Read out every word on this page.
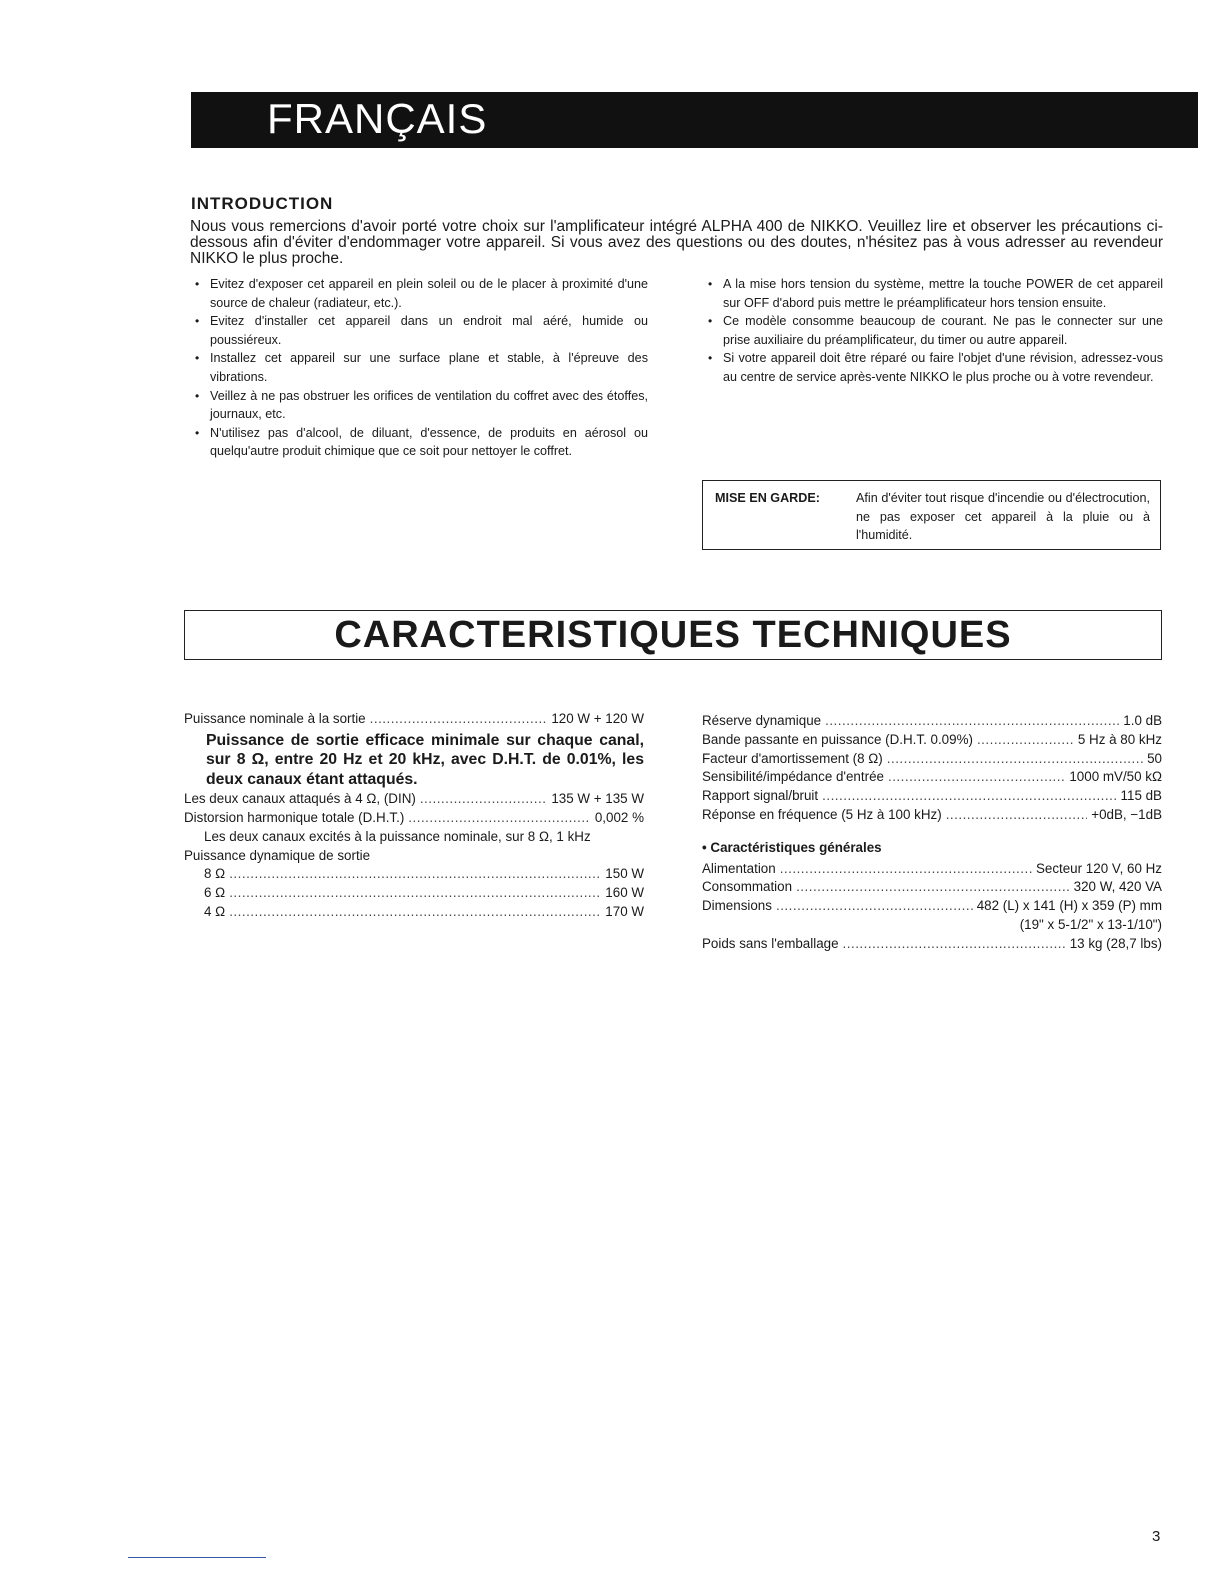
FRANÇAIS
INTRODUCTION

Nous vous remercions d'avoir porté votre choix sur l'amplificateur intégré ALPHA 400 de NIKKO. Veuillez lire et observer les précautions ci-dessous afin d'éviter d'endommager votre appareil. Si vous avez des questions ou des doutes, n'hésitez pas à vous adresser au revendeur NIKKO le plus proche.

• Evitez d'exposer cet appareil en plein soleil ou de le placer à proximité d'une source de chaleur (radiateur, etc.).
• Evitez d'installer cet appareil dans un endroit mal aéré, humide ou poussiéreux.
• Installez cet appareil sur une surface plane et stable, à l'épreuve des vibrations.
• Veillez à ne pas obstruer les orifices de ventilation du coffret avec des étoffes, journaux, etc.
• N'utilisez pas d'alcool, de diluant, d'essence, de produits en aérosol ou quelqu'autre produit chimique que ce soit pour nettoyer le coffret.
• A la mise hors tension du système, mettre la touche POWER de cet appareil sur OFF d'abord puis mettre le préamplificateur hors tension ensuite.
• Ce modèle consomme beaucoup de courant. Ne pas le connecter sur une prise auxiliaire du préamplificateur, du timer ou autre appareil.
• Si votre appareil doit être réparé ou faire l'objet d'une révision, adressez-vous au centre de service après-vente NIKKO le plus proche ou à votre revendeur.
MISE EN GARDE:	Afin d'éviter tout risque d'incendie ou d'électrocution, ne pas exposer cet appareil à la pluie ou à l'humidité.
CARACTERISTIQUES TECHNIQUES
Puissance nominale à la sortie .....	120 W + 120 W
Puissance de sortie efficace minimale sur chaque canal, sur 8 Ω, entre 20 Hz et 20 kHz, avec D.H.T. de 0.01%, les deux canaux étant attaqués.
Les deux canaux attaqués à 4 Ω, (DIN) .....	135 W + 135 W
Distorsion harmonique totale (D.H.T.) .....	0,002 %
Les deux canaux excités à la puissance nominale, sur 8 Ω, 1 kHz
Puissance dynamique de sortie
8 Ω .....	150 W
6 Ω .....	160 W
4 Ω .....	170 W
Réserve dynamique .....	1.0 dB
Bande passante en puissance (D.H.T. 0.09%) .....	5 Hz à 80 kHz
Facteur d'amortissement (8 Ω) .....	50
Sensibilité/impédance d'entrée .....	1000 mV/50 kΩ
Rapport signal/bruit .....	115 dB
Réponse en fréquence (5 Hz à 100 kHz) .....	+0dB, −1dB
• Caractéristiques générales
Alimentation .....	Secteur 120 V, 60 Hz
Consommation .....	320 W, 420 VA
Dimensions .....	482 (L) x 141 (H) x 359 (P) mm
(19" x 5-1/2" x 13-1/10")
Poids sans l'emballage .....	13 kg (28,7 lbs)
3
